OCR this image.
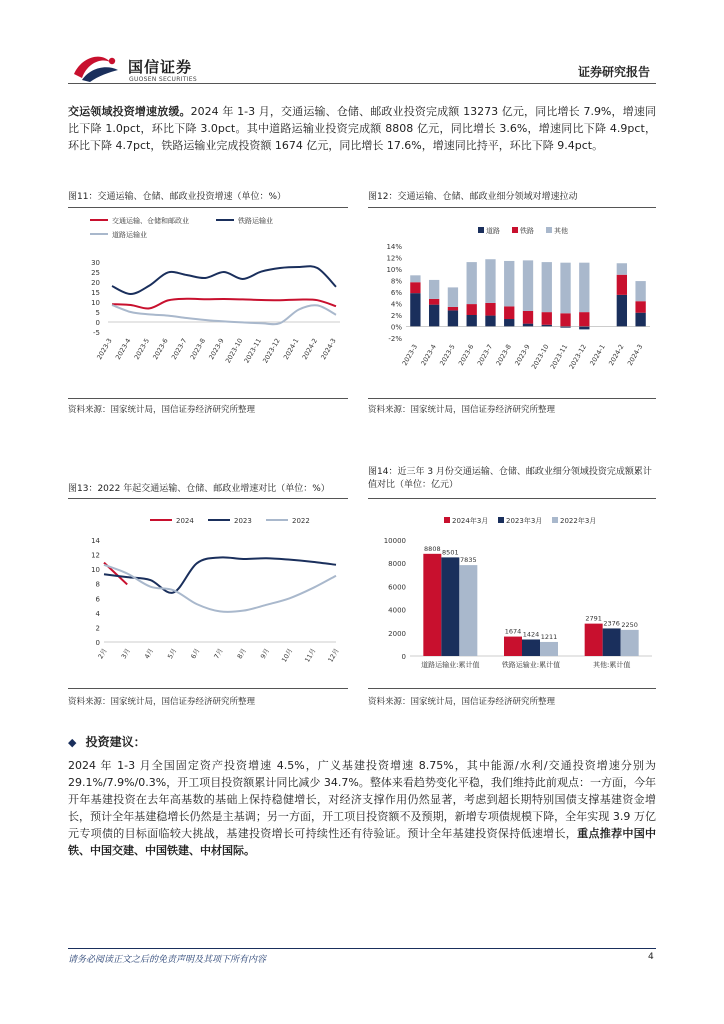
国信证券
GUOSEN SECURITIES
证券研究报告
交运领域投资增速放缓。2024 年 1-3 月，交通运输、仓储、邮政业投资完成额 13273 亿元，同比增长 7.9%，增速同比下降 1.0pct，环比下降 3.0pct。其中道路运输业投资完成额 8808 亿元，同比增长 3.6%，增速同比下降 4.9pct，环比下降 4.7pct，铁路运输业完成投资额 1674 亿元，同比增长 17.6%，增速同比持平，环比下降 9.4pct。
图11：交通运输、仓储、邮政业投资增速（单位：%）
交通运输、仓储和邮政业	铁路运输业
道路运输业
-5
0
5
10
15
20
25
30
2023-3 2023-4 2023-5 2023-6 2023-7 2023-8 2023-9
2023-10
2023-11
2023-12 2024-1 2024-2 2024-3
资料来源：国家统计局，国信证券经济研究所整理
图12：交通运输、仓储、邮政业细分领域对增速拉动
道路	铁路	其他
-2%
0%
2%
4%
6%
8%
10%
12%
14%
2023-3 2023-4 2023-5 2023-6 2023-7 2023-8 2023-9
2023-10
2023-11
2023-12 2024-1 2024-2 2024-3
资料来源：国家统计局，国信证券经济研究所整理
图13：2022 年起交通运输、仓储、邮政业增速对比（单位：%）
2024	2023	2022
0
2
4
6
8
10
12
14
2月 3月 4月 5月 6月 7月 8月 9月 10月 11月 12月
资料来源：国家统计局，国信证券经济研究所整理
图14：近三年 3 月份交通运输、仓储、邮政业细分领域投资完成额累计值对比（单位：亿元）
2024年3月	2023年3月	2022年3月
0
2000
4000
6000
8000
10000
8808 8501
7835
道路运输业:累计值
1674 1424 1211
铁路运输业:累计值
2791
2376 2250
其他:累计值
资料来源：国家统计局，国信证券经济研究所整理
◆ 投资建议：
2024 年 1-3 月全国固定资产投资增速 4.5%，广义基建投资增速 8.75%，其中能源/水利/交通投资增速分别为 29.1%/7.9%/0.3%，开工项目投资额累计同比减少 34.7%。整体来看趋势变化平稳，我们维持此前观点：一方面，今年开年基建投资在去年高基数的基础上保持稳健增长，对经济支撑作用仍然显著，考虑到超长期特别国债支撑基建资金增长，预计全年基建稳增长仍然是主基调；另一方面，开工项目投资额不及预期，新增专项债规模下降，全年实现 3.9 万亿元专项债的目标面临较大挑战，基建投资增长可持续性还有待验证。预计全年基建投资保持低速增长，重点推荐中国中铁、中国交建、中国铁建、中材国际。
请务必阅读正文之后的免责声明及其项下所有内容	4
